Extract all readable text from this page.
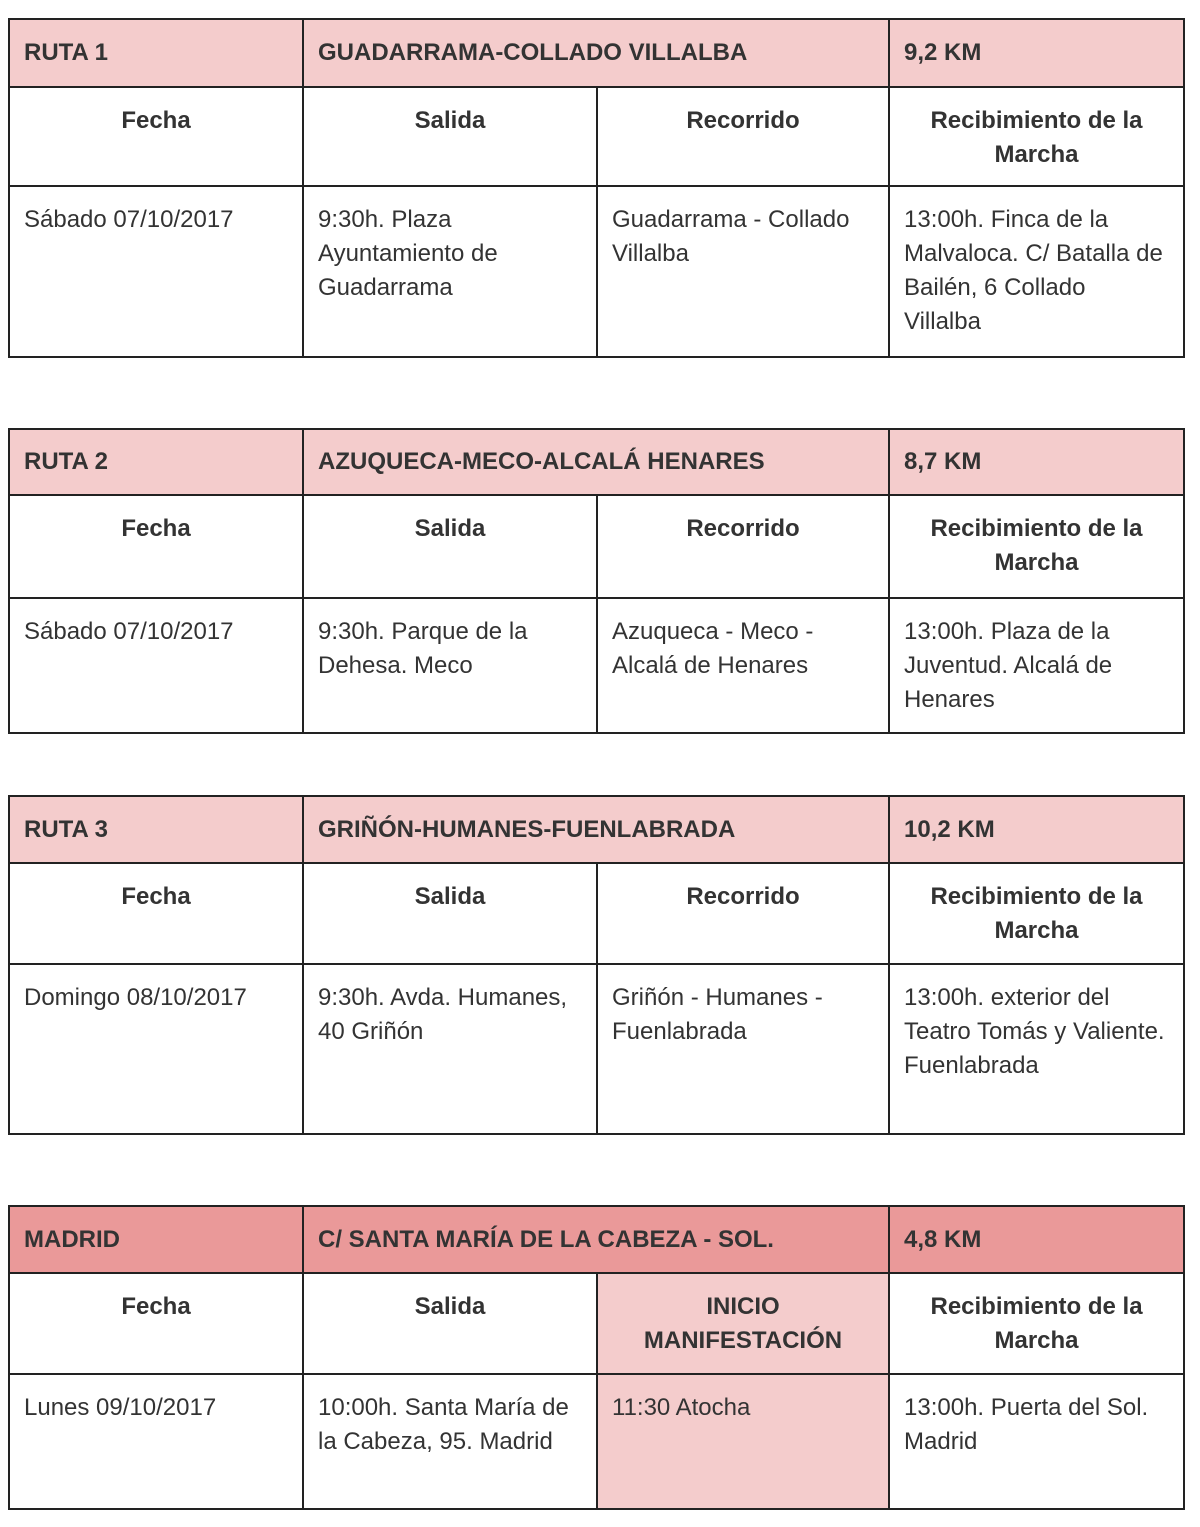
RUTA 1	GUADARRAMA-COLLADO VILLALBA		9,2 KM
Fecha	Salida	Recorrido	Recibimiento de la Marcha
Sábado 07/10/2017	9:30h. Plaza Ayuntamiento de Guadarrama	Guadarrama - Collado Villalba	13:00h. Finca de la Malvaloca. C/ Batalla de Bailén, 6 Collado Villalba
RUTA 2	AZUQUECA-MECO-ALCALÁ HENARES		8,7 KM
Fecha	Salida	Recorrido	Recibimiento de la Marcha
Sábado 07/10/2017	9:30h. Parque de la Dehesa. Meco	Azuqueca - Meco - Alcalá de Henares	13:00h. Plaza de la Juventud. Alcalá de Henares
RUTA 3	GRIÑÓN-HUMANES-FUENLABRADA		10,2 KM
Fecha	Salida	Recorrido	Recibimiento de la Marcha
Domingo 08/10/2017	9:30h. Avda. Humanes, 40 Griñón	Griñón - Humanes - Fuenlabrada	13:00h. exterior del Teatro Tomás y Valiente. Fuenlabrada
MADRID	C/ SANTA MARÍA DE LA CABEZA - SOL.		4,8 KM
Fecha	Salida	INICIO MANIFESTACIÓN	Recibimiento de la Marcha
Lunes 09/10/2017	10:00h. Santa María de la Cabeza, 95. Madrid	11:30 Atocha	13:00h. Puerta del Sol. Madrid
